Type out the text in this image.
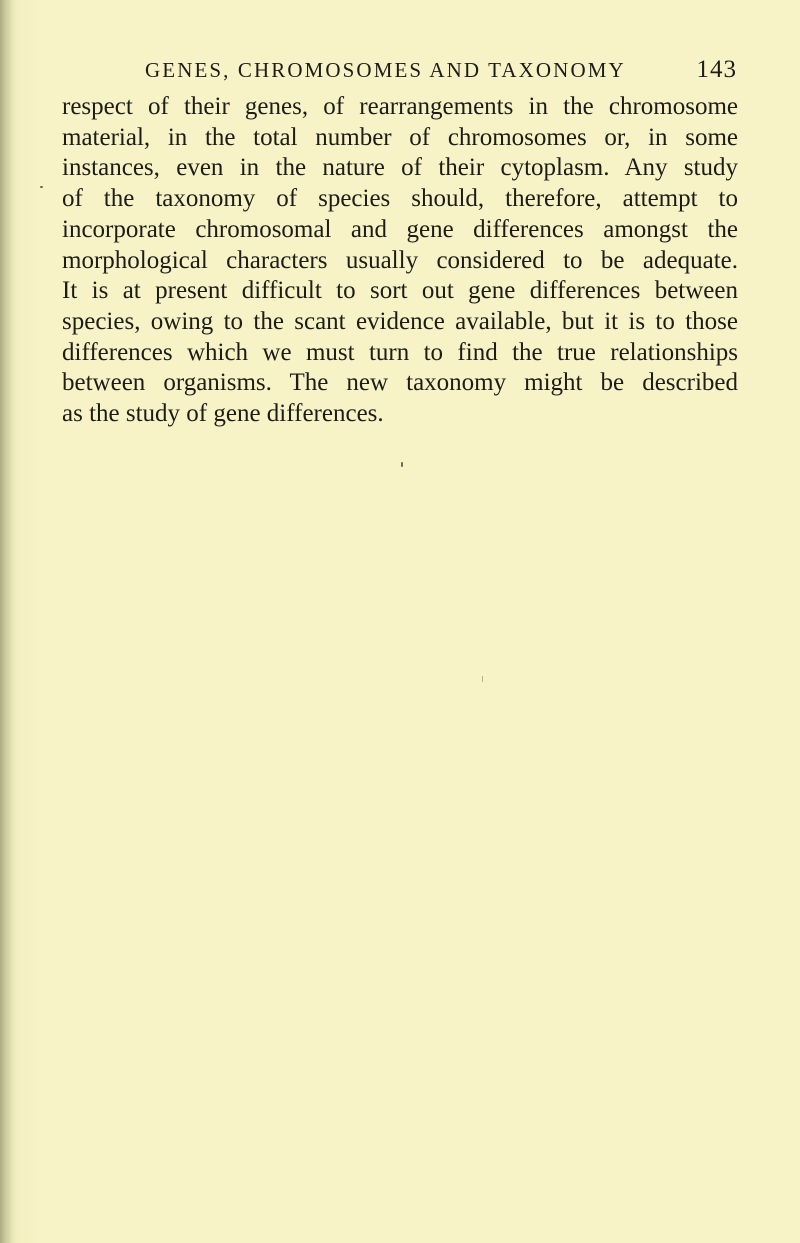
GENES, CHROMOSOMES AND TAXONOMY	143
respect of their genes, of rearrangements in the chromosome
material, in the total number of chromosomes or, in some
instances, even in the nature of their cytoplasm. Any study
of the taxonomy of species should, therefore, attempt to
incorporate chromosomal and gene differences amongst the
morphological characters usually considered to be adequate.
It is at present difficult to sort out gene differences between
species, owing to the scant evidence available, but it is to those
differences which we must turn to find the true relationships
between organisms. The new taxonomy might be described
as the study of gene differences.
